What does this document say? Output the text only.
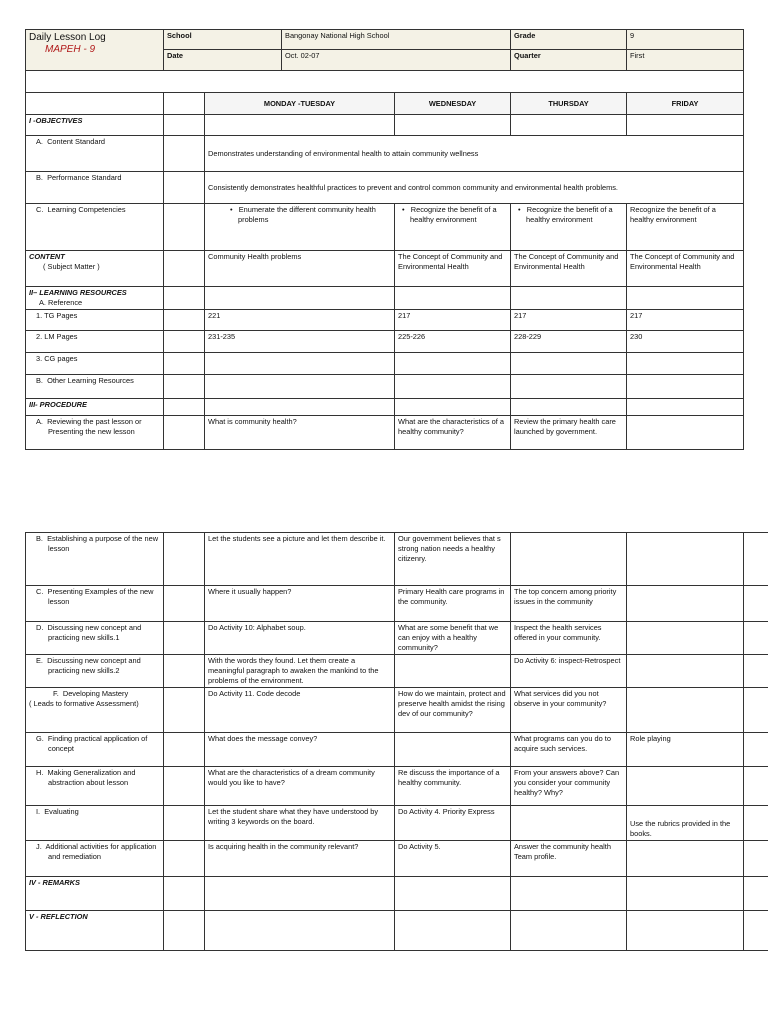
Daily Lesson Log
MAPEH - 9	School		Bangonay National High School		Grade	9
	Date		Oct. 02-07		Quarter	First

		MONDAY -TUESDAY		WEDNESDAY	THURSDAY	FRIDAY
I -OBJECTIVES						
A. Content Standard		Demonstrates understanding of environmental health to attain community wellness				
B. Performance Standard		Consistently demonstrates healthful practices to prevent and control common community and environmental health problems.				
C. Learning Competencies		•   Enumerate the different community health problems		•   Recognize the benefit of a healthy environment	•   Recognize the benefit of a healthy environment	Recognize the benefit of a healthy environment

CONTENT
( Subject Matter )		Community Health problems		The Concept of Community and Environmental Health	The Concept of Community and Environmental Health	The Concept of Community and Environmental Health

II– LEARNING RESOURCES
A. Reference						

1. TG Pages		221		217	217	217
2. LM Pages		231-235		225-226	228-229	230
3. CG pages						
B. Other Learning Resources						
III- PROCEDURE						
A. Reviewing the past lesson or Presenting the new lesson		What is community health?		What are the characteristics of a healthy community?	Review the primary health care launched by government.	
B. Establishing a purpose of the new lesson		Let the students see a picture and let them describe it.	Our government believes that s strong nation needs a healthy citizenry.			
C. Presenting Examples of the new lesson		Where it usually happen?	Primary Health care programs in the community.	The top concern among priority issues in the community		
D. Discussing new concept and practicing new skills.1		Do Activity 10: Alphabet soup.	What are some benefit that we can enjoy with a healthy community?	Inspect the health services offered in your community.		
E. Discussing new concept and practicing new skills.2		With the words they found. Let them create a meaningful paragraph to awaken the mankind to the problems of the environment.		Do Activity 6: inspect-Retrospect		

F. Developing Mastery
( Leads to formative Assessment)		Do Activity 11. Code decode	How do we maintain, protect and preserve health amidst the rising dev of our community?	What services did you not observe in your community?		
G. Finding practical application of concept		What does the message convey?		What programs can you do to acquire such services.	Role playing	
H. Making Generalization and abstraction about lesson		What are the characteristics of a dream community would you like to have?	Re discuss the importance of a healthy community.	From your answers above? Can you consider your community healthy? Why?		
I. Evaluating		Let the student share what they have understood by writing 3 keywords on the board.	Do Activity 4. Priority Express		Use the rubrics provided in the books.	
J. Additional activities for application and remediation		Is acquiring health in the community relevant?	Do Activity 5.	Answer the community health Team profile.		
IV - REMARKS						
V - REFLECTION						
